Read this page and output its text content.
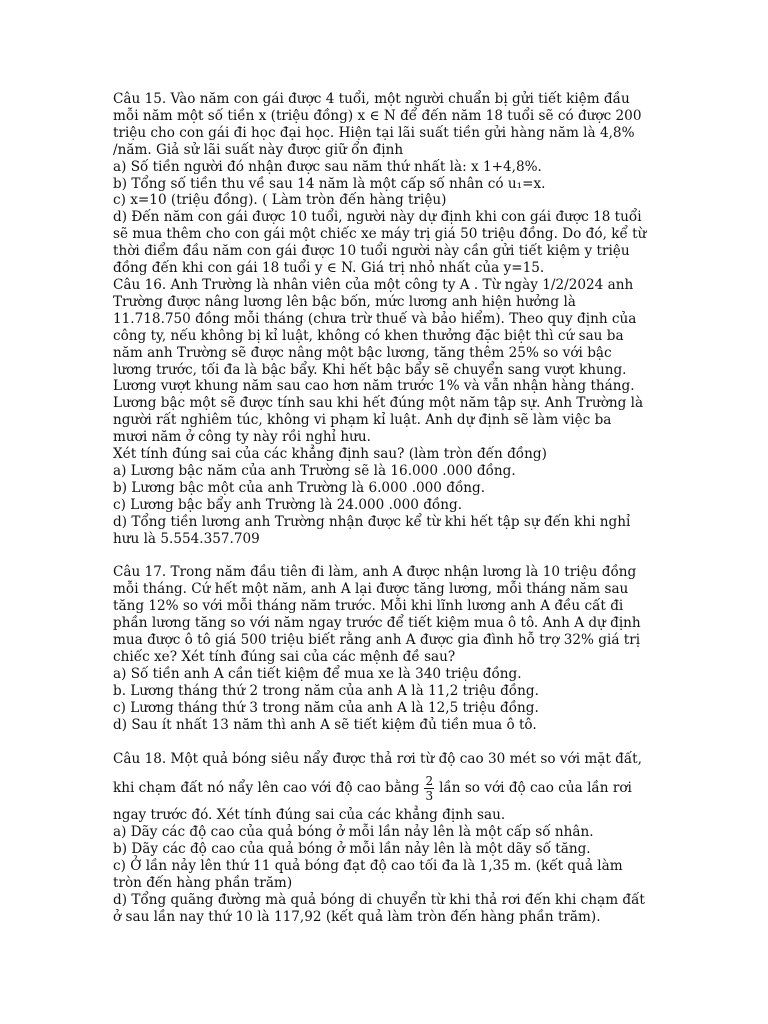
Câu 15. Vào năm con gái được 4 tuổi, một người chuẩn bị gửi tiết kiệm đầu
mỗi năm một số tiền x (triệu đồng) x ∈ N để đến năm 18 tuổi sẽ có được 200
triệu cho con gái đi học đại học. Hiện tại lãi suất tiền gửi hàng năm là 4,8%
/năm. Giả sử lãi suất này được giữ ổn định
a) Số tiền người đó nhận được sau năm thứ nhất là: x 1+4,8%.
b) Tổng số tiền thu về sau 14 năm là một cấp số nhân có u₁=x.
c) x=10 (triệu đồng). ( Làm tròn đến hàng triệu)
d) Đến năm con gái được 10 tuổi, người này dự định khi con gái được 18 tuổi
sẽ mua thêm cho con gái một chiếc xe máy trị giá 50 triệu đồng. Do đó, kể từ
thời điểm đầu năm con gái được 10 tuổi người này cần gửi tiết kiệm y triệu
đồng đến khi con gái 18 tuổi y ∈ N. Giá trị nhỏ nhất của y=15.
Câu 16. Anh Trường là nhân viên của một công ty A . Từ ngày 1/2/2024 anh
Trường được nâng lương lên bậc bốn, mức lương anh hiện hưởng là
11.718.750 đồng mỗi tháng (chưa trừ thuế và bảo hiểm). Theo quy định của
công ty, nếu không bị kỉ luật, không có khen thưởng đặc biệt thì cứ sau ba
năm anh Trường sẽ được nâng một bậc lương, tăng thêm 25% so với bậc
lương trước, tối đa là bậc bẩy. Khi hết bậc bẩy sẽ chuyển sang vượt khung.
Lương vượt khung năm sau cao hơn năm trước 1% và vẫn nhận hàng tháng.
Lương bậc một sẽ được tính sau khi hết đúng một năm tập sự. Anh Trường là
người rất nghiêm túc, không vi phạm kỉ luật. Anh dự định sẽ làm việc ba
mươi năm ở công ty này rồi nghỉ hưu.
Xét tính đúng sai của các khẳng định sau? (làm tròn đến đồng)
a) Lương bậc năm của anh Trường sẽ là 16.000 .000 đồng.
b) Lương bậc một của anh Trường là 6.000 .000 đồng.
c) Lương bậc bẩy anh Trường là 24.000 .000 đồng.
d) Tổng tiền lương anh Trường nhận được kể từ khi hết tập sự đến khi nghỉ
hưu là 5.554.357.709
Câu 17. Trong năm đầu tiên đi làm, anh A được nhận lương là 10 triệu đồng
mỗi tháng. Cứ hết một năm, anh A lại được tăng lương, mỗi tháng năm sau
tăng 12% so với mỗi tháng năm trước. Mỗi khi lĩnh lương anh A đều cất đi
phần lương tăng so với năm ngay trước để tiết kiệm mua ô tô. Anh A dự định
mua được ô tô giá 500 triệu biết rằng anh A được gia đình hỗ trợ 32% giá trị
chiếc xe? Xét tính đúng sai của các mệnh đề sau?
a) Số tiền anh A cần tiết kiệm để mua xe là 340 triệu đồng.
b. Lương tháng thứ 2 trong năm của anh A là 11,2 triệu đồng.
c) Lương tháng thứ 3 trong năm của anh A là 12,5 triệu đồng.
d) Sau ít nhất 13 năm thì anh A sẽ tiết kiệm đủ tiền mua ô tô.
Câu 18. Một quả bóng siêu nẩy được thả rơi từ độ cao 30 mét so với mặt đất,
khi chạm đất nó nẩy lên cao với độ cao bằng $\frac{2}{3}$ lần so với độ cao của lần rơi
ngay trước đó. Xét tính đúng sai của các khẳng định sau.
a) Dãy các độ cao của quả bóng ở mỗi lần nảy lên là một cấp số nhân.
b) Dãy các độ cao của quả bóng ở mỗi lần nảy lên là một dãy số tăng.
c) Ở lần nảy lên thứ 11 quả bóng đạt độ cao tối đa là 1,35 m. (kết quả làm
tròn đến hàng phần trăm)
d) Tổng quãng đường mà quả bóng di chuyển từ khi thả rơi đến khi chạm đất
ở sau lần nay thứ 10 là 117,92 (kết quả làm tròn đến hàng phần trăm).
